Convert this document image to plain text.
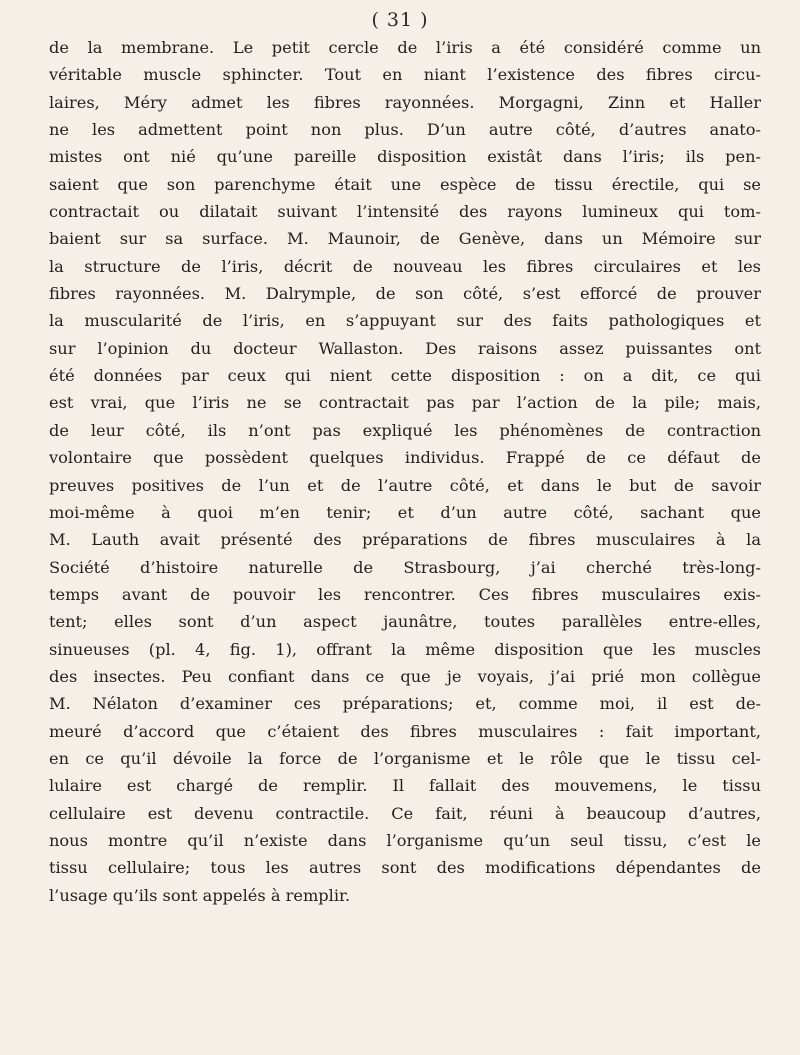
( 31 )
de la membrane. Le petit cercle de l’iris a été considéré comme un
véritable muscle sphincter. Tout en niant l’existence des fibres circu-
laires, Méry admet les fibres rayonnées. Morgagni, Zinn et Haller
ne les admettent point non plus. D’un autre côté, d’autres anato-
mistes ont nié qu’une pareille disposition existât dans l’iris; ils pen-
saient que son parenchyme était une espèce de tissu érectile, qui se
contractait ou dilatait suivant l’intensité des rayons lumineux qui tom-
baient sur sa surface. M. Maunoir, de Genève, dans un Mémoire sur
la structure de l’iris, décrit de nouveau les fibres circulaires et les
fibres rayonnées. M. Dalrymple, de son côté, s’est efforcé de prouver
la muscularité de l’iris, en s’appuyant sur des faits pathologiques et
sur l’opinion du docteur Wallaston. Des raisons assez puissantes ont
été données par ceux qui nient cette disposition : on a dit, ce qui
est vrai, que l’iris ne se contractait pas par l’action de la pile; mais,
de leur côté, ils n’ont pas expliqué les phénomènes de contraction
volontaire que possèdent quelques individus. Frappé de ce défaut de
preuves positives de l’un et de l’autre côté, et dans le but de savoir
moi-même à quoi m’en tenir; et d’un autre côté, sachant que
M. Lauth avait présenté des préparations de fibres musculaires à la
Société d’histoire naturelle de Strasbourg, j’ai cherché très-long-
temps avant de pouvoir les rencontrer. Ces fibres musculaires exis-
tent; elles sont d’un aspect jaunâtre, toutes parallèles entre-elles,
sinueuses (pl. 4, fig. 1), offrant la même disposition que les muscles
des insectes. Peu confiant dans ce que je voyais, j’ai prié mon collègue
M. Nélaton d’examiner ces préparations; et, comme moi, il est de-
meuré d’accord que c’étaient des fibres musculaires : fait important,
en ce qu’il dévoile la force de l’organisme et le rôle que le tissu cel-
lulaire est chargé de remplir. Il fallait des mouvemens, le tissu
cellulaire est devenu contractile. Ce fait, réuni à beaucoup d’autres,
nous montre qu’il n’existe dans l’organisme qu’un seul tissu, c’est le
tissu cellulaire; tous les autres sont des modifications dépendantes de
l’usage qu’ils sont appelés à remplir.
